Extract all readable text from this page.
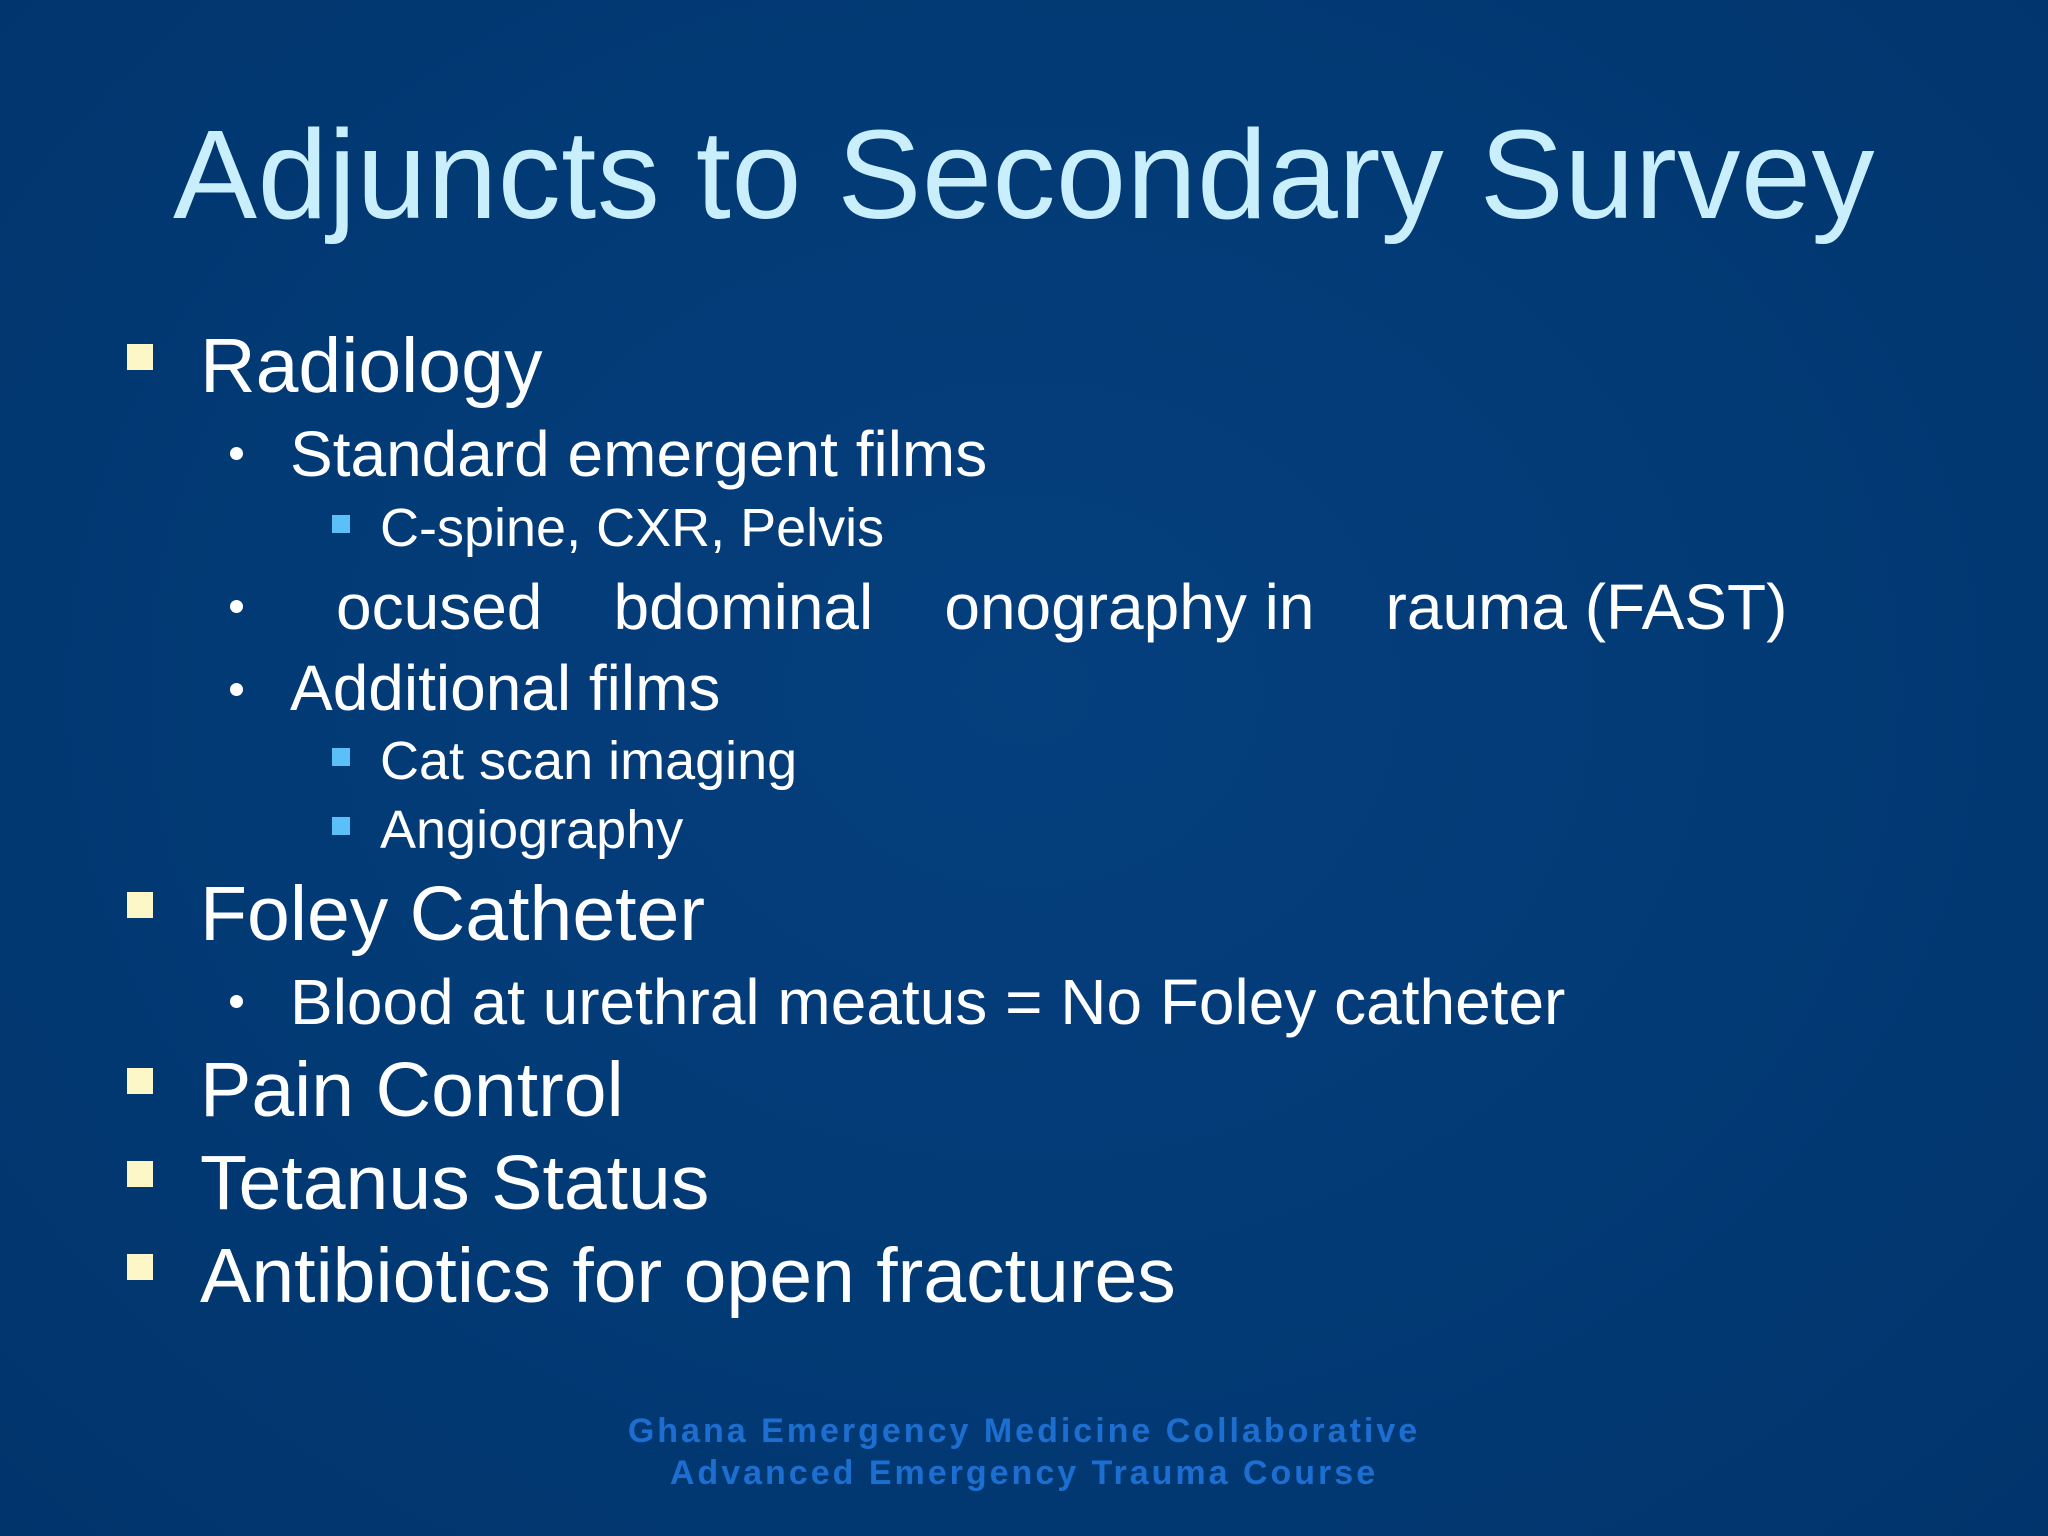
Adjuncts to Secondary Survey
Radiology
Standard emergent films
C-spine, CXR, Pelvis
ocused    bdominal    onography in    rauma (FAST)
Additional films
Cat scan imaging
Angiography
Foley Catheter
Blood at urethral meatus = No Foley catheter
Pain Control
Tetanus Status
Antibiotics for open fractures
Ghana Emergency Medicine Collaborative
Advanced Emergency Trauma Course
